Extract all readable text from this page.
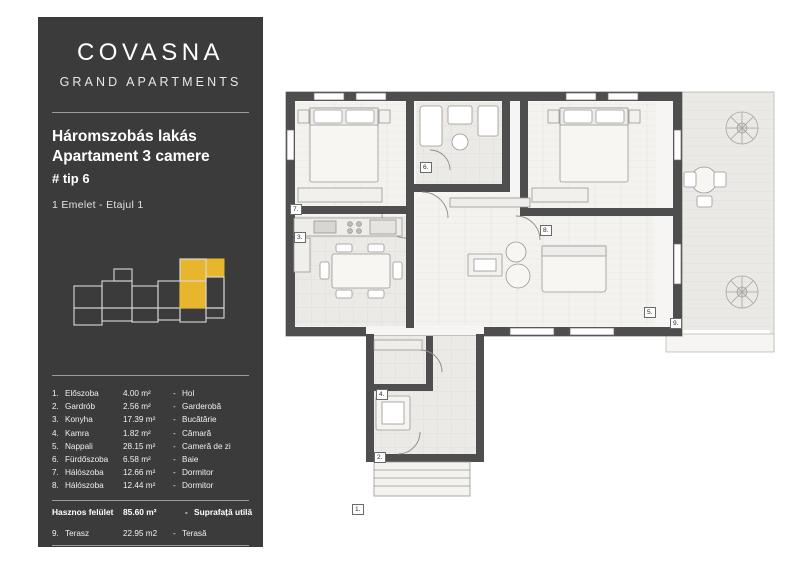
COVASNA
GRAND APARTMENTS
Háromszobás lakás
Apartament 3 camere
# tip 6
1 Emelet - Etajul 1
1. Előszoba	4.00 m²	- Hol
2. Gardrób	2.56 m²	- Garderobă
3. Konyha	17.39 m²	- Bucătărie
4. Kamra	1.82 m²	- Cămară
5. Nappali	28.15 m²	- Cameră de zi
6. Fürdőszoba	6.58 m²	- Baie
7. Hálószoba	12.66 m²	- Dormitor
8. Hálószoba	12.44 m²	- Dormitor
Hasznos felület	85.60 m²	- Suprafață utilă
9. Terasz	22.95 m2	- Terasă
Összfelület	- 108.55 m²	- Suprafață totală
3.
4.
5.
6.
7.
8.
9.
2.
1.
